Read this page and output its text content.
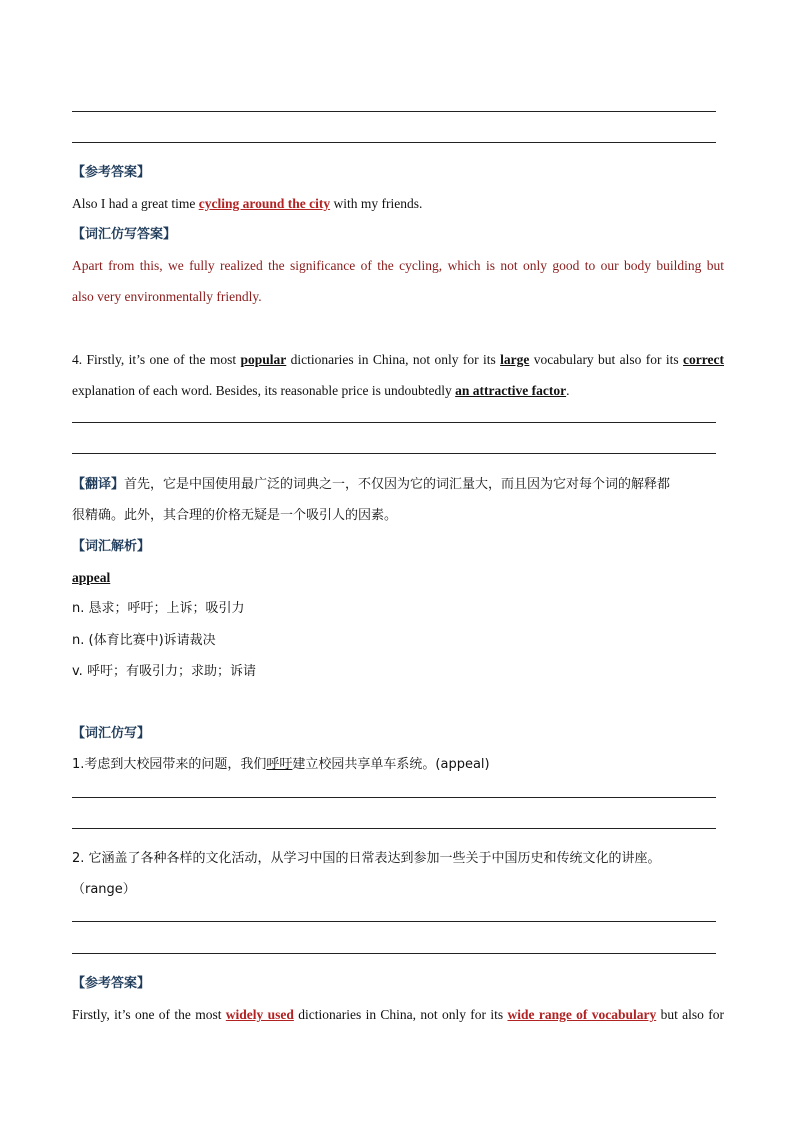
【参考答案】
Also I had a great time cycling around the city with my friends.
【词汇仿写答案】
Apart from this, we fully realized the significance of the cycling, which is not only good to our body building but
also very environmentally friendly.
4. Firstly, it’s one of the most popular dictionaries in China, not only for its large vocabulary but also for its correct
explanation of each word. Besides, its reasonable price is undoubtedly an attractive factor.
【翻译】首先，它是中国使用最广泛的词典之一，不仅因为它的词汇量大，而且因为它对每个词的解释都
很精确。此外，其合理的价格无疑是一个吸引人的因素。
【词汇解析】
appeal
n. 恳求；呼吁；上诉；吸引力
n. (体育比赛中)诉请裁决
v. 呼吁；有吸引力；求助；诉请
【词汇仿写】
1.考虑到大校园带来的问题，我们呼吁建立校园共享单车系统。(appeal)
2. 它涵盖了各种各样的文化活动，从学习中国的日常表达到参加一些关于中国历史和传统文化的讲座。
（range）
【参考答案】
Firstly, it’s one of the most widely used dictionaries in China, not only for its wide range of vocabulary but also for
